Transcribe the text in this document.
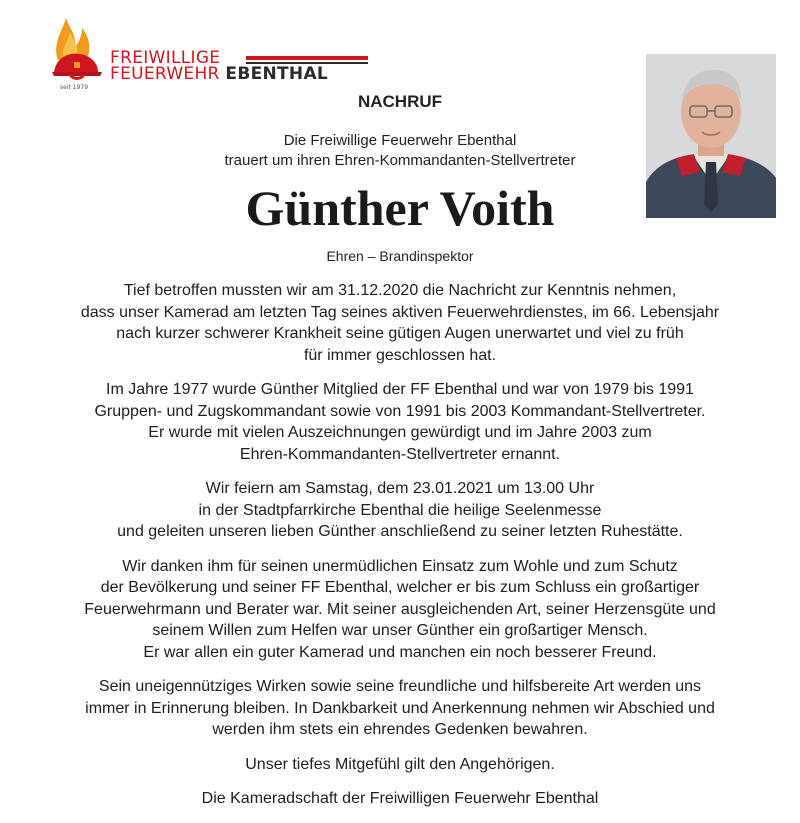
FREIWILLIGE
FEUERWEHR EBENTHAL
seit 1979
NACHRUF
Die Freiwillige Feuerwehr Ebenthal
trauert um ihren Ehren-Kommandanten-Stellvertreter
Günther Voith
Ehren – Brandinspektor
Tief betroffen mussten wir am 31.12.2020 die Nachricht zur Kenntnis nehmen,
dass unser Kamerad am letzten Tag seines aktiven Feuerwehrdienstes, im 66. Lebensjahr
nach kurzer schwerer Krankheit seine gütigen Augen unerwartet und viel zu früh
für immer geschlossen hat.
Im Jahre 1977 wurde Günther Mitglied der FF Ebenthal und war von 1979 bis 1991
Gruppen- und Zugskommandant sowie von 1991 bis 2003 Kommandant-Stellvertreter.
Er wurde mit vielen Auszeichnungen gewürdigt und im Jahre 2003 zum
Ehren-Kommandanten-Stellvertreter ernannt.
Wir feiern am Samstag, dem 23.01.2021 um 13.00 Uhr
in der Stadtpfarrkirche Ebenthal die heilige Seelenmesse
und geleiten unseren lieben Günther anschließend zu seiner letzten Ruhestätte.
Wir danken ihm für seinen unermüdlichen Einsatz zum Wohle und zum Schutz
der Bevölkerung und seiner FF Ebenthal, welcher er bis zum Schluss ein großartiger
Feuerwehrmann und Berater war. Mit seiner ausgleichenden Art, seiner Herzensgüte und
seinem Willen zum Helfen war unser Günther ein großartiger Mensch.
Er war allen ein guter Kamerad und manchen ein noch besserer Freund.
Sein uneigennütziges Wirken sowie seine freundliche und hilfsbereite Art werden uns
immer in Erinnerung bleiben. In Dankbarkeit und Anerkennung nehmen wir Abschied und
werden ihm stets ein ehrendes Gedenken bewahren.
Unser tiefes Mitgefühl gilt den Angehörigen.
Die Kameradschaft der Freiwilligen Feuerwehr Ebenthal
